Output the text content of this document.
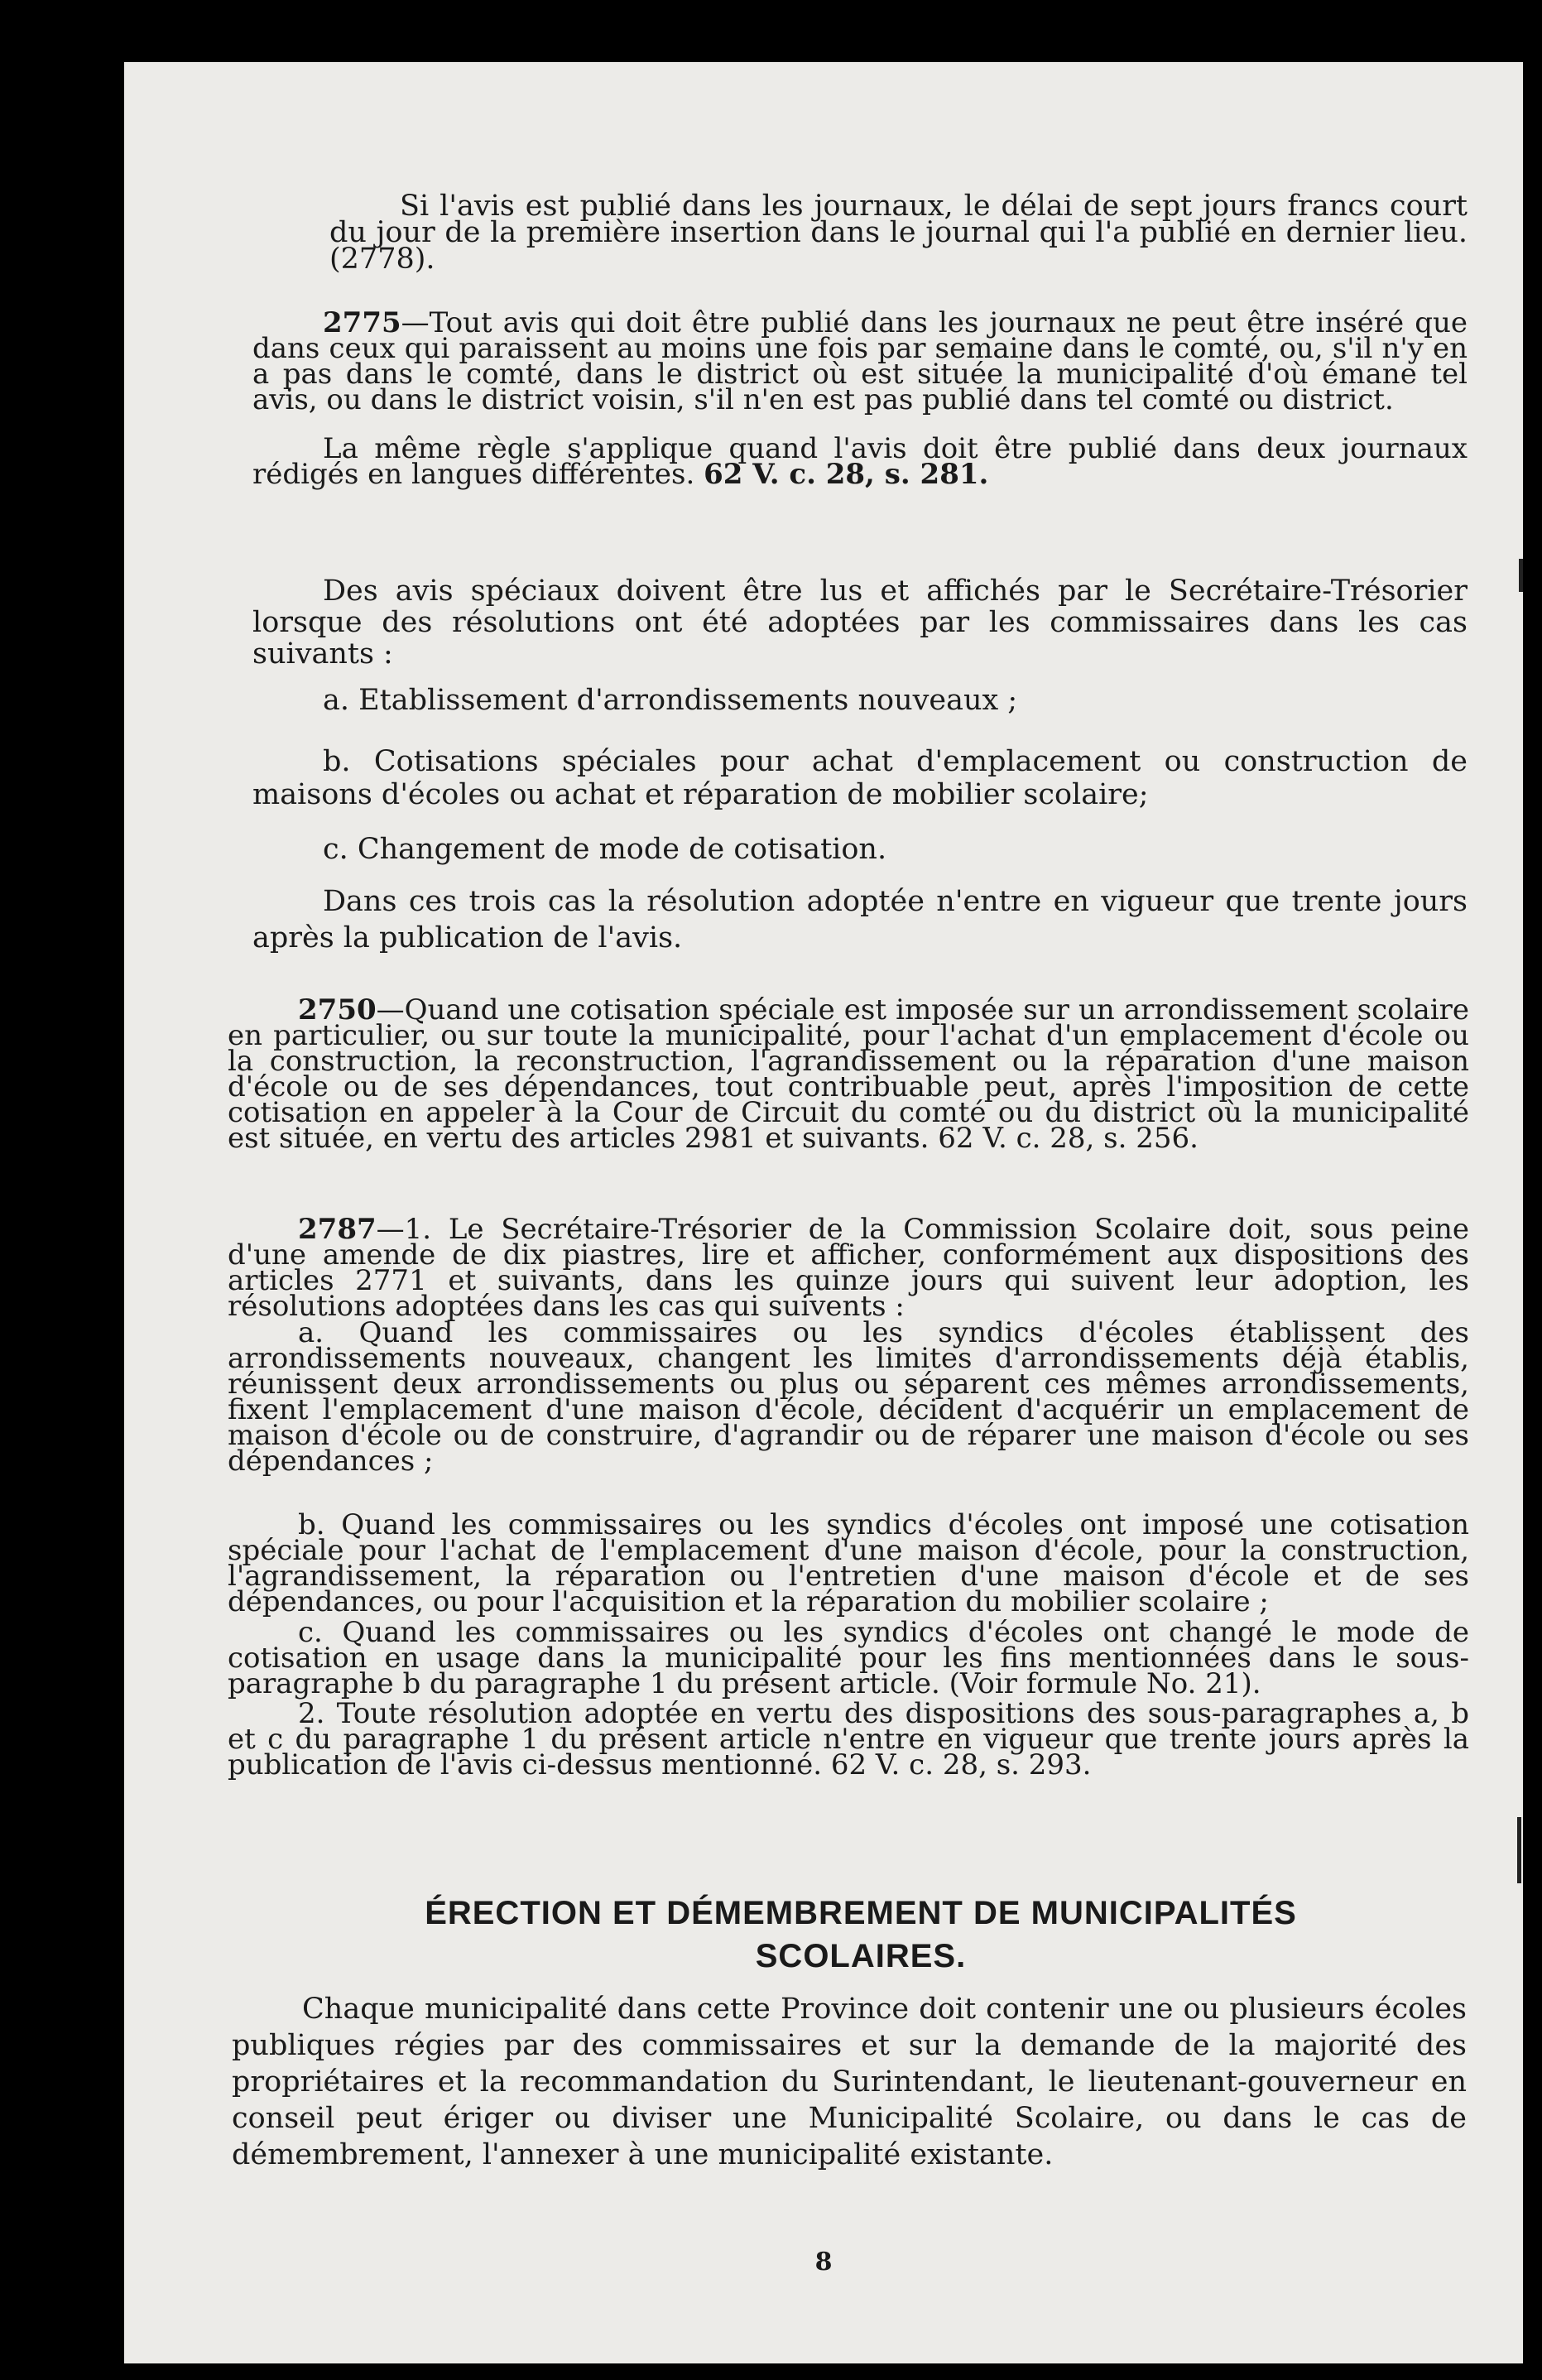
Si l'avis est publié dans les journaux, le délai de sept jours francs court du jour de la première insertion dans le journal qui l'a publié en dernier lieu. (2778).

2775—Tout avis qui doit être publié dans les journaux ne peut être inséré que dans ceux qui paraissent au moins une fois par semaine dans le comté, ou, s'il n'y en a pas dans le comté, dans le district où est située la municipalité d'où émane tel avis, ou dans le district voisin, s'il n'en est pas publié dans tel comté ou district.

La même règle s'applique quand l'avis doit être publié dans deux journaux rédigés en langues différentes. 62 V. c. 28, s. 281.

Des avis spéciaux doivent être lus et affichés par le Secrétaire-Trésorier lorsque des résolutions ont été adoptées par les commissaires dans les cas suivants :

a. Etablissement d'arrondissements nouveaux ;

b. Cotisations spéciales pour achat d'emplacement ou construction de maisons d'écoles ou achat et réparation de mobilier scolaire;

c. Changement de mode de cotisation.

Dans ces trois cas la résolution adoptée n'entre en vigueur que trente jours après la publication de l'avis.

2750—Quand une cotisation spéciale est imposée sur un arrondissement scolaire en particulier, ou sur toute la municipalité, pour l'achat d'un emplacement d'école ou la construction, la reconstruction, l'agrandissement ou la réparation d'une maison d'école ou de ses dépendances, tout contribuable peut, après l'imposition de cette cotisation en appeler à la Cour de Circuit du comté ou du district où la municipalité est située, en vertu des articles 2981 et suivants. 62 V. c. 28, s. 256.

2787—1. Le Secrétaire-Trésorier de la Commission Scolaire doit, sous peine d'une amende de dix piastres, lire et afficher, conformément aux dispositions des articles 2771 et suivants, dans les quinze jours qui suivent leur adoption, les résolutions adoptées dans les cas qui suivents :

a. Quand les commissaires ou les syndics d'écoles établissent des arrondissements nouveaux, changent les limites d'arrondissements déjà établis, réunissent deux arrondissements ou plus ou séparent ces mêmes arrondissements, fixent l'emplacement d'une maison d'école, décident d'acquérir un emplacement de maison d'école ou de construire, d'agrandir ou de réparer une maison d'école ou ses dépendances ;

b. Quand les commissaires ou les syndics d'écoles ont imposé une cotisation spéciale pour l'achat de l'emplacement d'une maison d'école, pour la construction, l'agrandissement, la réparation ou l'entretien d'une maison d'école et de ses dépendances, ou pour l'acquisition et la réparation du mobilier scolaire ;

c. Quand les commissaires ou les syndics d'écoles ont changé le mode de cotisation en usage dans la municipalité pour les fins mentionnées dans le sous-paragraphe b du paragraphe 1 du présent article. (Voir formule No. 21).

2. Toute résolution adoptée en vertu des dispositions des sous-paragraphes a, b et c du paragraphe 1 du présent article n'entre en vigueur que trente jours après la publication de l'avis ci-dessus mentionné. 62 V. c. 28, s. 293.

ÉRECTION ET DÉMEMBREMENT DE MUNICIPALITÉS
SCOLAIRES.

Chaque municipalité dans cette Province doit contenir une ou plusieurs écoles publiques régies par des commissaires et sur la demande de la majorité des propriétaires et la recommandation du Surintendant, le lieutenant-gouverneur en conseil peut ériger ou diviser une Municipalité Scolaire, ou dans le cas de démembrement, l'annexer à une municipalité existante.

8
